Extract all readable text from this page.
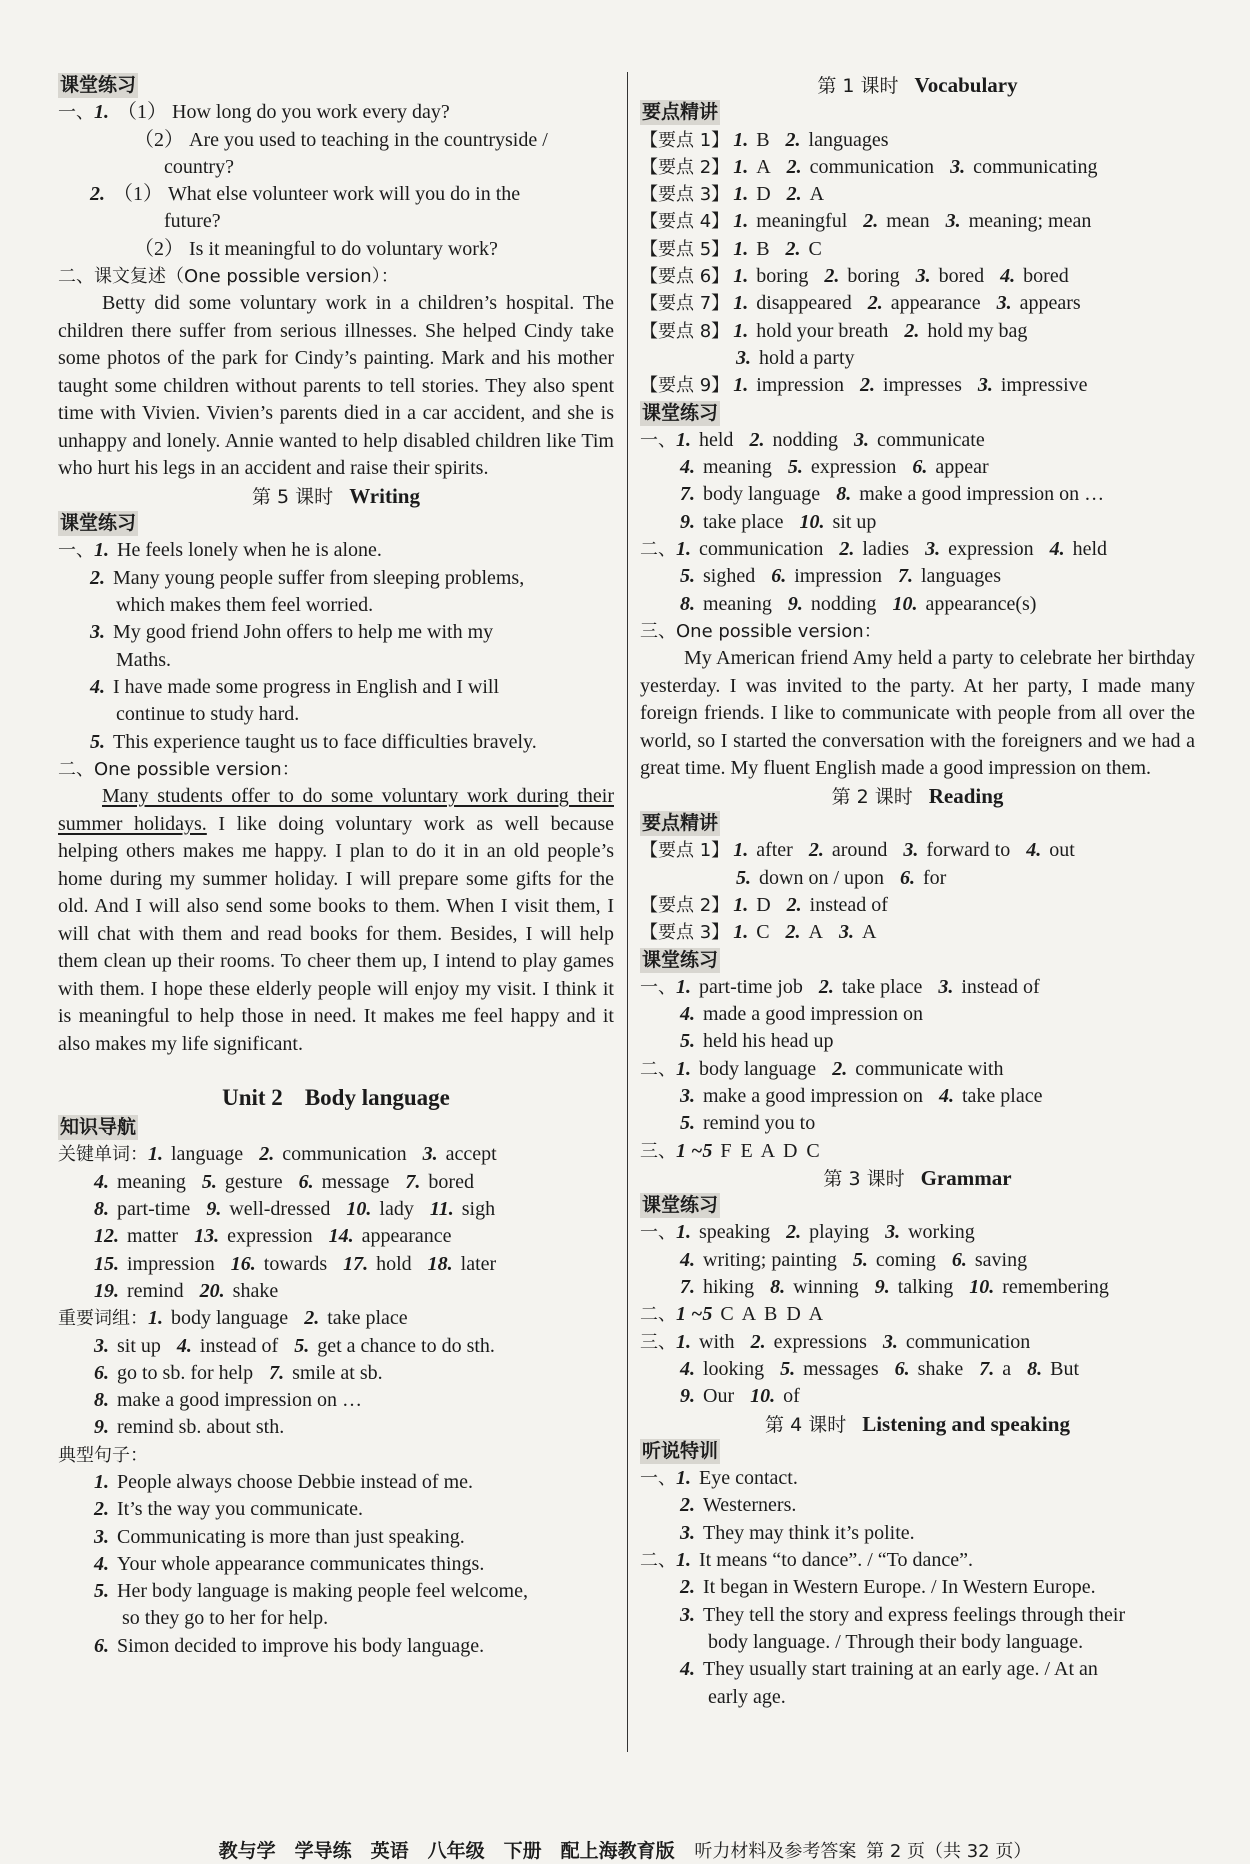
课堂练习
一、1. （1） How long do you work every day?
（2） Are you used to teaching in the countryside /
country?
2. （1） What else volunteer work will you do in the
future?
（2） Is it meaningful to do voluntary work?
二、课文复述（One possible version）：
Betty did some voluntary work in a children’s hospital. The children there suffer from serious illnesses. She helped Cindy take some photos of the park for Cindy’s painting. Mark and his mother taught some children without parents to tell stories. They also spent time with Vivien. Vivien’s parents died in a car accident, and she is unhappy and lonely. Annie wanted to help disabled children like Tim who hurt his legs in an accident and raise their spirits.
第 5 课时 Writing
课堂练习
一、1. He feels lonely when he is alone.
2. Many young people suffer from sleeping problems,
which makes them feel worried.
3. My good friend John offers to help me with my
Maths.
4. I have made some progress in English and I will
continue to study hard.
5. This experience taught us to face difficulties bravely.
二、One possible version：
Many students offer to do some voluntary work during their summer holidays. I like doing voluntary work as well because helping others makes me happy. I plan to do it in an old people’s home during my summer holiday. I will prepare some gifts for the old. And I will also send some books to them. When I visit them, I will chat with them and read books for them. Besides, I will help them clean up their rooms. To cheer them up, I intend to play games with them. I hope these elderly people will enjoy my visit. I think it is meaningful to help those in need. It makes me feel happy and it also makes my life significant.
Unit 2 Body language
知识导航
关键单词：1. language 2. communication 3. accept
4. meaning 5. gesture 6. message 7. bored
8. part-time 9. well-dressed 10. lady 11. sigh
12. matter 13. expression 14. appearance
15. impression 16. towards 17. hold 18. later
19. remind 20. shake
重要词组：1. body language 2. take place
3. sit up 4. instead of 5. get a chance to do sth.
6. go to sb. for help 7. smile at sb.
8. make a good impression on …
9. remind sb. about sth.
典型句子：
1. People always choose Debbie instead of me.
2. It’s the way you communicate.
3. Communicating is more than just speaking.
4. Your whole appearance communicates things.
5. Her body language is making people feel welcome,
so they go to her for help.
6. Simon decided to improve his body language.
第 1 课时 Vocabulary
要点精讲
【要点 1】 1. B 2. languages
【要点 2】 1. A 2. communication 3. communicating
【要点 3】 1. D 2. A
【要点 4】 1. meaningful 2. mean 3. meaning; mean
【要点 5】 1. B 2. C
【要点 6】 1. boring 2. boring 3. bored 4. bored
【要点 7】 1. disappeared 2. appearance 3. appears
【要点 8】 1. hold your breath 2. hold my bag
3. hold a party
【要点 9】 1. impression 2. impresses 3. impressive
课堂练习
一、1. held 2. nodding 3. communicate
4. meaning 5. expression 6. appear
7. body language 8. make a good impression on …
9. take place 10. sit up
二、1. communication 2. ladies 3. expression 4. held
5. sighed 6. impression 7. languages
8. meaning 9. nodding 10. appearance(s)
三、One possible version：
My American friend Amy held a party to celebrate her birthday yesterday. I was invited to the party. At her party, I made many foreign friends. I like to communicate with people from all over the world, so I started the conversation with the foreigners and we had a great time. My fluent English made a good impression on them.
第 2 课时 Reading
要点精讲
【要点 1】 1. after 2. around 3. forward to 4. out
5. down on / upon 6. for
【要点 2】 1. D 2. instead of
【要点 3】 1. C 2. A 3. A
课堂练习
一、1. part-time job 2. take place 3. instead of
4. made a good impression on
5. held his head up
二、1. body language 2. communicate with
3. make a good impression on 4. take place
5. remind you to
三、1 ~5 F E A D C
第 3 课时 Grammar
课堂练习
一、1. speaking 2. playing 3. working
4. writing; painting 5. coming 6. saving
7. hiking 8. winning 9. talking 10. remembering
二、1 ~5 C A B D A
三、1. with 2. expressions 3. communication
4. looking 5. messages 6. shake 7. a 8. But
9. Our 10. of
第 4 课时 Listening and speaking
听说特训
一、1. Eye contact.
2. Westerners.
3. They may think it’s polite.
二、1. It means “to dance”. / “To dance”.
2. It began in Western Europe. / In Western Europe.
3. They tell the story and express feelings through their
body language. / Through their body language.
4. They usually start training at an early age. / At an
early age.
教与学　学导练　英语　八年级　下册　配上海教育版 听力材料及参考答案 第 2 页（共 32 页）
